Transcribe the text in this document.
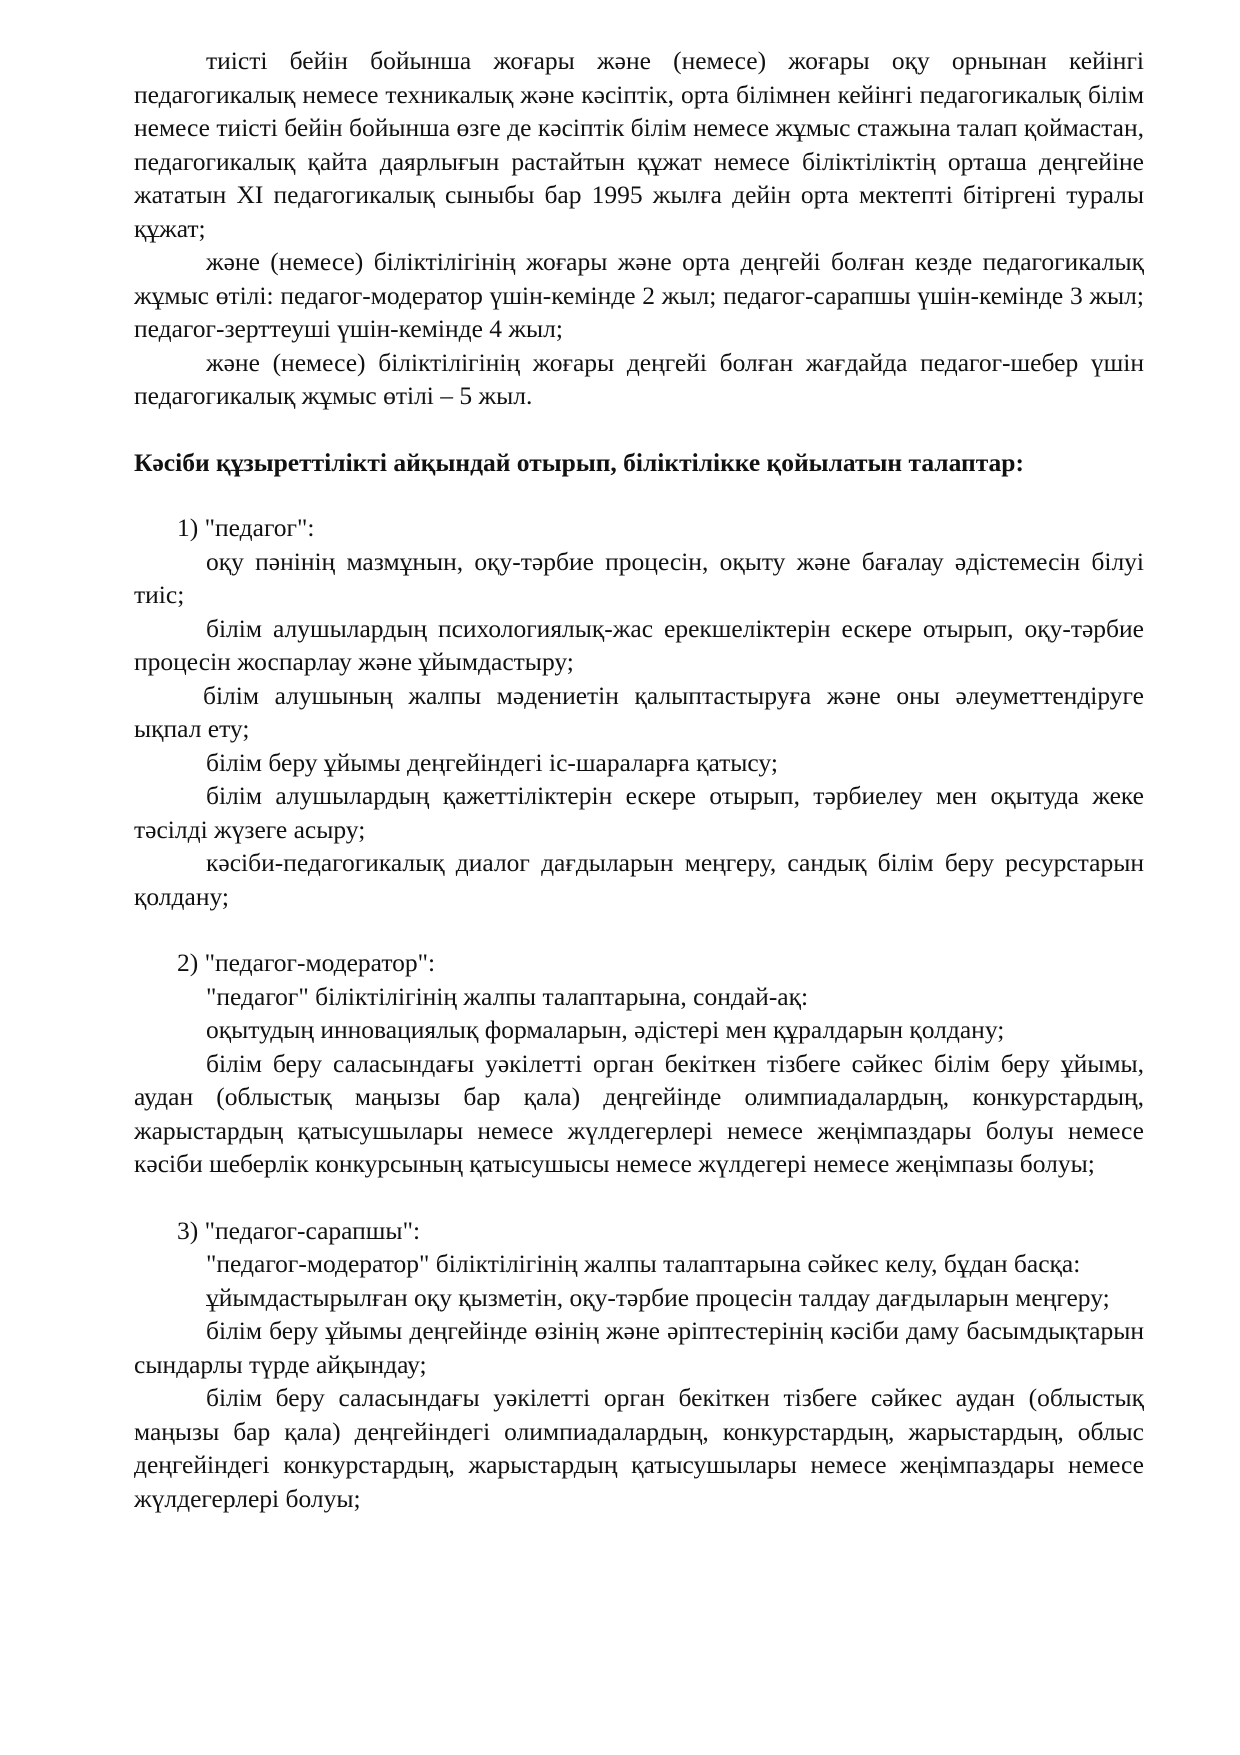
тиісті бейін бойынша жоғары және (немесе) жоғары оқу орнынан кейінгі педагогикалық немесе техникалық және кәсіптік, орта білімнен кейінгі педагогикалық білім немесе тиісті бейін бойынша өзге де кәсіптік білім немесе жұмыс стажына талап қоймастан, педагогикалық қайта даярлығын растайтын құжат немесе біліктіліктің орташа деңгейіне жататын XI педагогикалық сыныбы бар 1995 жылға дейін орта мектепті бітіргені туралы құжат;

және (немесе) біліктілігінің жоғары және орта деңгейі болған кезде педагогикалық жұмыс өтілі: педагог-модератор үшін-кемінде 2 жыл; педагог-сарапшы үшін-кемінде 3 жыл; педагог-зерттеуші үшін-кемінде 4 жыл;

және (немесе) біліктілігінің жоғары деңгейі болған жағдайда педагог-шебер үшін педагогикалық жұмыс өтілі – 5 жыл.

Кәсіби құзыреттілікті айқындай отырып, біліктілікке қойылатын талаптар:

1) "педагог":

оқу пәнінің мазмұнын, оқу-тәрбие процесін, оқыту және бағалау әдістемесін білуі тиіс;

білім алушылардың психологиялық-жас ерекшеліктерін ескере отырып, оқу-тәрбие процесін жоспарлау және ұйымдастыру;

білім алушының жалпы мәдениетін қалыптастыруға және оны әлеуметтендіруге ықпал ету;

білім беру ұйымы деңгейіндегі іс-шараларға қатысу;

білім алушылардың қажеттіліктерін ескере отырып, тәрбиелеу мен оқытуда жеке тәсілді жүзеге асыру;

кәсіби-педагогикалық диалог дағдыларын меңгеру, сандық білім беру ресурстарын қолдану;

2) "педагог-модератор":

"педагог" біліктілігінің жалпы талаптарына, сондай-ақ:

оқытудың инновациялық формаларын, әдістері мен құралдарын қолдану;

білім беру саласындағы уәкілетті орган бекіткен тізбеге сәйкес білім беру ұйымы, аудан (облыстық маңызы бар қала) деңгейінде олимпиадалардың, конкурстардың, жарыстардың қатысушылары немесе жүлдегерлері немесе жеңімпаздары болуы немесе кәсіби шеберлік конкурсының қатысушысы немесе жүлдегері немесе жеңімпазы болуы;

3) "педагог-сарапшы":

"педагог-модератор" біліктілігінің жалпы талаптарына сәйкес келу, бұдан басқа:

ұйымдастырылған оқу қызметін, оқу-тәрбие процесін талдау дағдыларын меңгеру;

білім беру ұйымы деңгейінде өзінің және әріптестерінің кәсіби даму басымдықтарын сындарлы түрде айқындау;

білім беру саласындағы уәкілетті орган бекіткен тізбеге сәйкес аудан (облыстық маңызы бар қала) деңгейіндегі олимпиадалардың, конкурстардың, жарыстардың, облыс деңгейіндегі конкурстардың, жарыстардың қатысушылары немесе жеңімпаздары немесе жүлдегерлері болуы;
